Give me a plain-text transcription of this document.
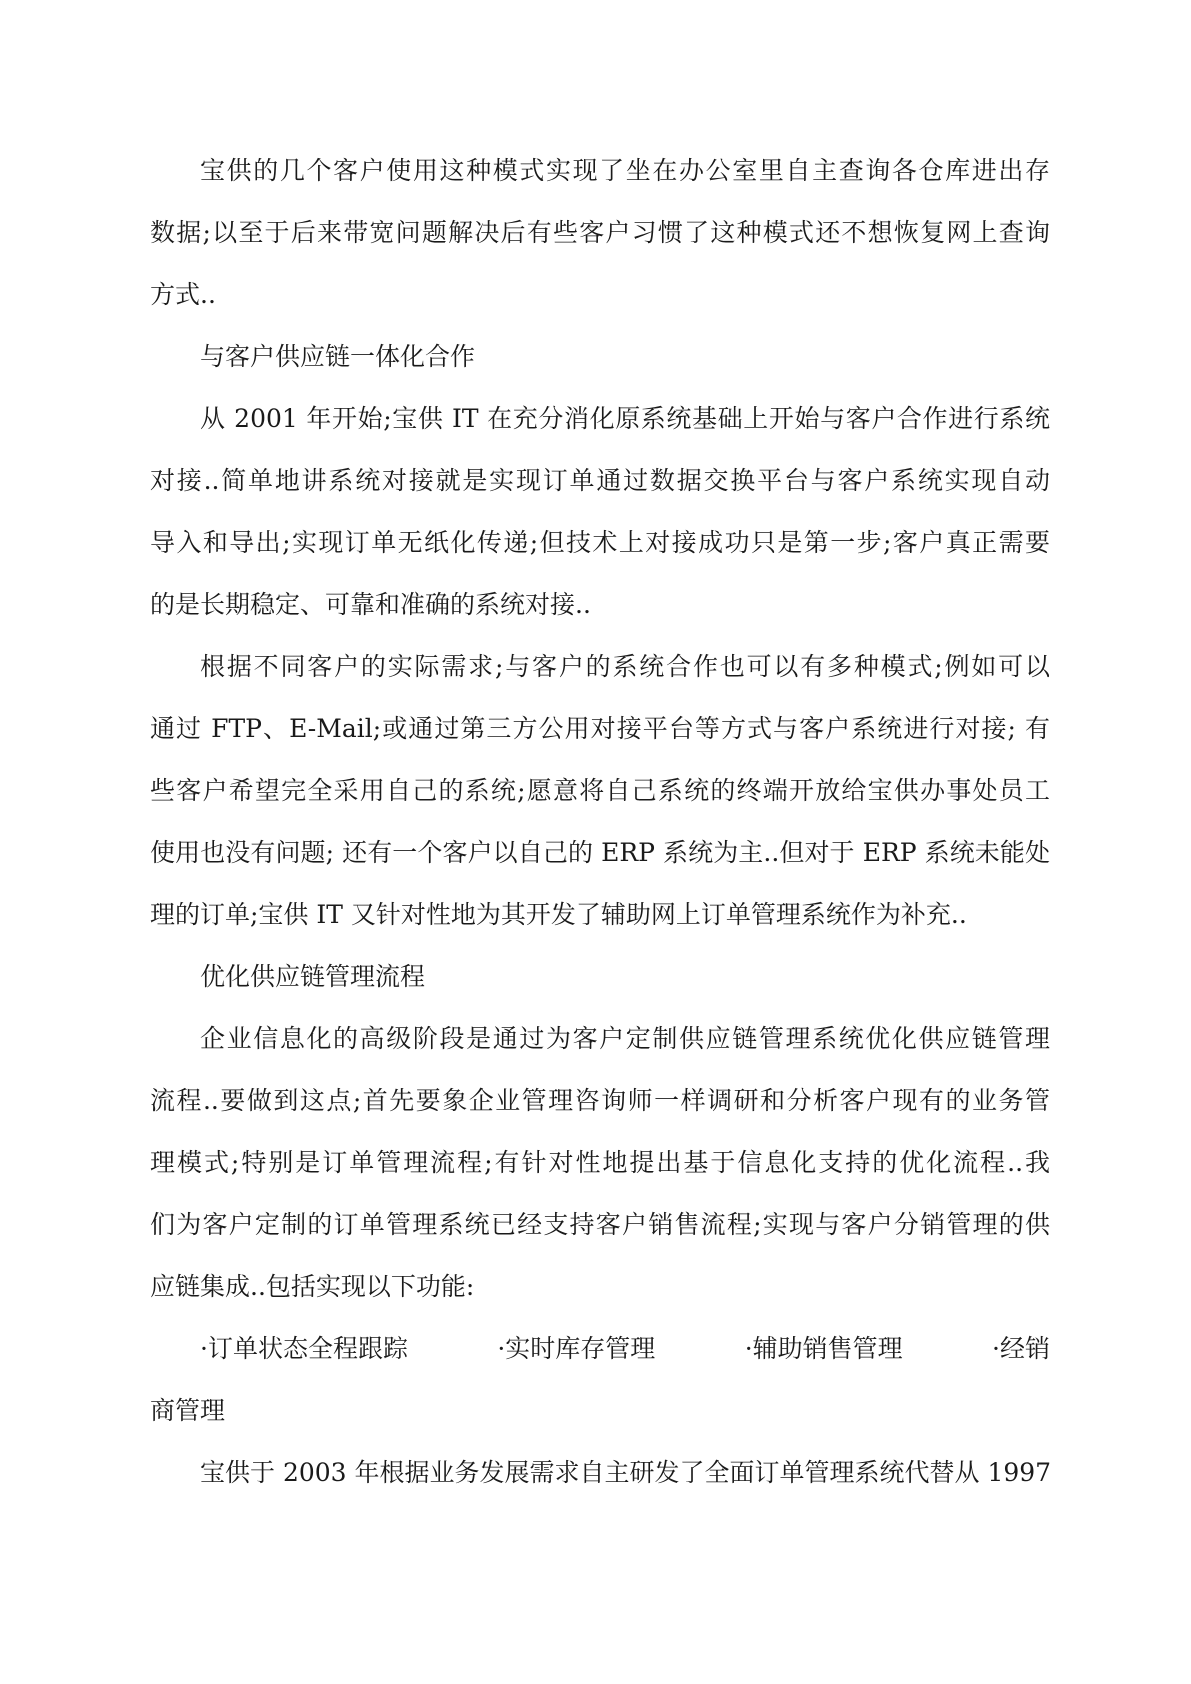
宝供的几个客户使用这种模式实现了坐在办公室里自主查询各仓库进出存
数据;以至于后来带宽问题解决后有些客户习惯了这种模式还不想恢复网上查询
方式..
与客户供应链一体化合作
从 2001 年开始;宝供 IT 在充分消化原系统基础上开始与客户合作进行系统
对接..简单地讲系统对接就是实现订单通过数据交换平台与客户系统实现自动
导入和导出;实现订单无纸化传递;但技术上对接成功只是第一步;客户真正需要
的是长期稳定、可靠和准确的系统对接..
根据不同客户的实际需求;与客户的系统合作也可以有多种模式;例如可以
通过 FTP、E-Mail;或通过第三方公用对接平台等方式与客户系统进行对接; 有
些客户希望完全采用自己的系统;愿意将自己系统的终端开放给宝供办事处员工
使用也没有问题; 还有一个客户以自己的 ERP 系统为主..但对于 ERP 系统未能处
理的订单;宝供 IT 又针对性地为其开发了辅助网上订单管理系统作为补充..
优化供应链管理流程
企业信息化的高级阶段是通过为客户定制供应链管理系统优化供应链管理
流程..要做到这点;首先要象企业管理咨询师一样调研和分析客户现有的业务管
理模式;特别是订单管理流程;有针对性地提出基于信息化支持的优化流程..我
们为客户定制的订单管理系统已经支持客户销售流程;实现与客户分销管理的供
应链集成..包括实现以下功能:
·订单状态全程跟踪	·实时库存管理	·辅助销售管理	·经销
商管理
宝供于 2003 年根据业务发展需求自主研发了全面订单管理系统代替从 1997
